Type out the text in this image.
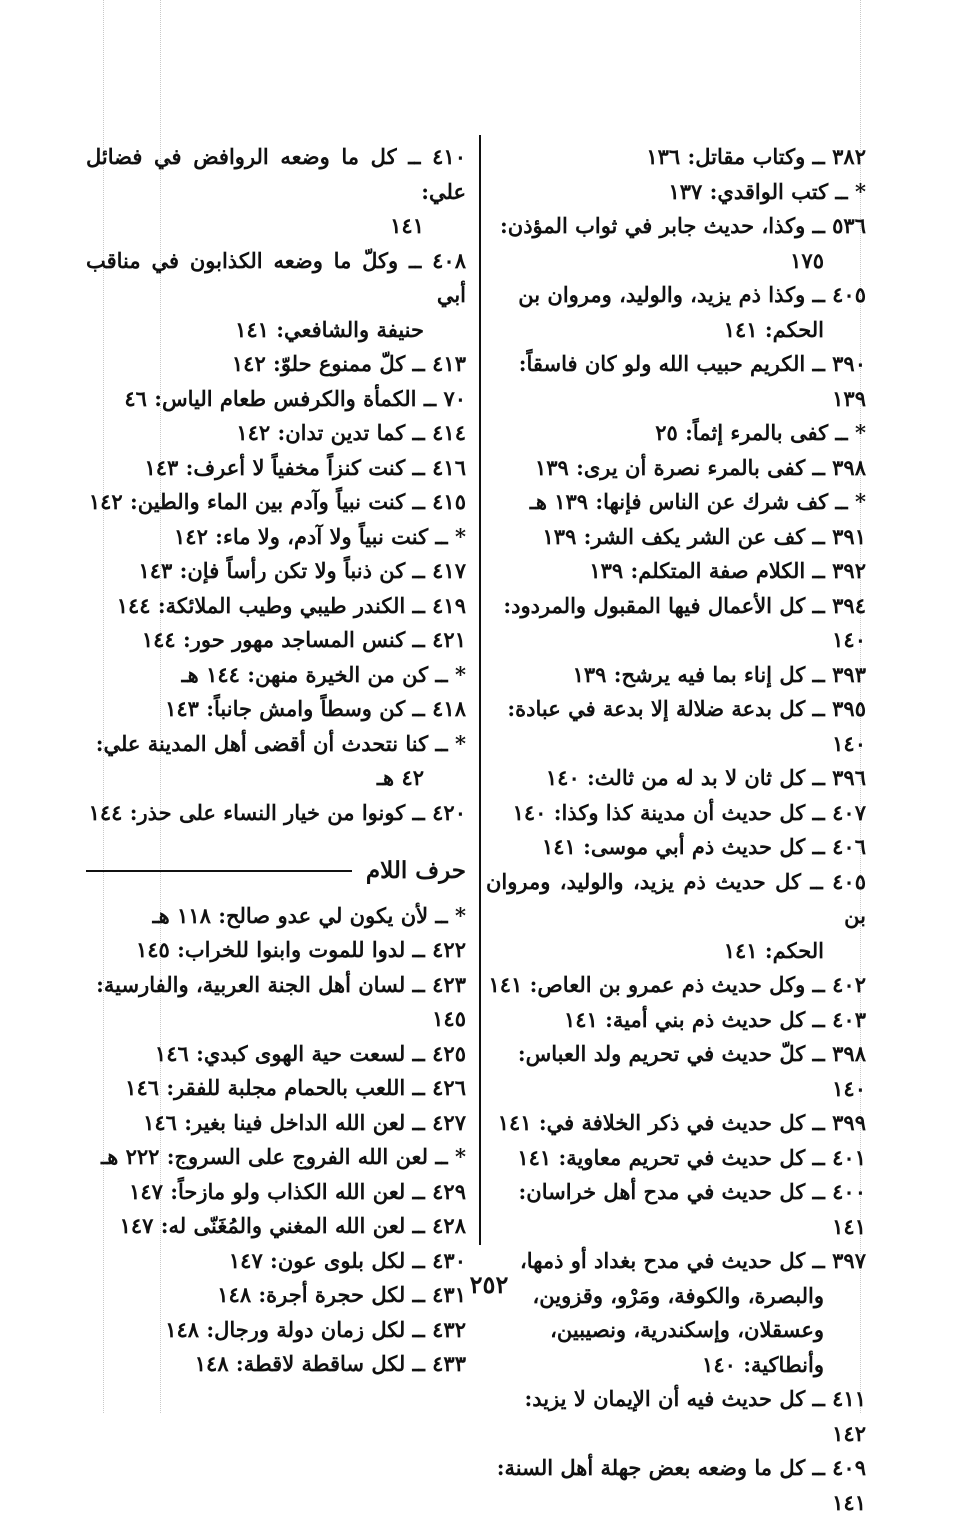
٣٨٢ ــ وكتاب مقاتل: ١٣٦
* ــ كتب الواقدي: ١٣٧
٥٣٦ ــ وكذا، حديث جابر في ثواب المؤذن:
١٧٥
٤٠٥ ــ وكذا ذم يزيد، والوليد، ومروان بن
الحكم: ١٤١
٣٩٠ ــ الكريم حبيب الله ولو كان فاسقاً: ١٣٩
* ــ كفى بالمرء إثماً: ٢٥
٣٩٨ ــ كفى بالمرء نصرة أن يرى: ١٣٩
* ــ كف شرك عن الناس فإنها: ١٣٩ هـ
٣٩١ ــ كف عن الشر يكف الشر: ١٣٩
٣٩٢ ــ الكلام صفة المتكلم: ١٣٩
٣٩٤ ــ كل الأعمال فيها المقبول والمردود: ١٤٠
٣٩٣ ــ كل إناء بما فيه يرشح: ١٣٩
٣٩٥ ــ كل بدعة ضلالة إلا بدعة في عبادة: ١٤٠
٣٩٦ ــ كل ثان لا بد له من ثالث: ١٤٠
٤٠٧ ــ كل حديث أن مدينة كذا وكذا: ١٤٠
٤٠٦ ــ كل حديث ذم أبي موسى: ١٤١
٤٠٥ ــ كل حديث ذم يزيد، والوليد، ومروان بن
الحكم: ١٤١
٤٠٢ ــ وكل حديث ذم عمرو بن العاص: ١٤١
٤٠٣ ــ كل حديث ذم بني أمية: ١٤١
٣٩٨ ــ كلّ حديث في تحريم ولد العباس: ١٤٠
٣٩٩ ــ كل حديث في ذكر الخلافة في: ١٤١
٤٠١ ــ كل حديث في تحريم معاوية: ١٤١
٤٠٠ ــ كل حديث في مدح أهل خراسان: ١٤١
٣٩٧ ــ كل حديث في مدح بغداد أو ذمها،
والبصرة، والكوفة، ومَرْو، وقزوين، وعسقلان، وإسكندرية، ونصيبين، وأنطاكية: ١٤٠
٤١١ ــ كل حديث فيه أن الإيمان لا يزيد: ١٤٢
٤٠٩ ــ كل ما وضعه بعض جهلة أهل السنة: ١٤١
٤١٠ ــ كل ما وضعه الروافض في فضائل علي:
١٤١
٤٠٨ ــ وكلّ ما وضعه الكذابون في مناقب أبي
حنيفة والشافعي: ١٤١
٤١٣ ــ كلّ ممنوع حلوّ: ١٤٢
٧٠ ــ الكمأة والكرفس طعام الياس: ٤٦
٤١٤ ــ كما تدين تدان: ١٤٢
٤١٦ ــ كنت كنزاً مخفياً لا أعرف: ١٤٣
٤١٥ ــ كنت نبياً وآدم بين الماء والطين: ١٤٢
* ــ كنت نبياً ولا آدم، ولا ماء: ١٤٢
٤١٧ ــ كن ذنباً ولا تكن رأساً فإن: ١٤٣
٤١٩ ــ الكندر طيبي وطيب الملائكة: ١٤٤
٤٢١ ــ كنس المساجد مهور حور: ١٤٤
* ــ كن من الخيرة منهن: ١٤٤ هـ
٤١٨ ــ كن وسطاً وامش جانباً: ١٤٣
* ــ كنا نتحدث أن أقضى أهل المدينة علي:
٤٢ هـ
٤٢٠ ــ كونوا من خيار النساء على حذر: ١٤٤
حرف اللام
* ــ لأن يكون لي عدو صالح: ١١٨ هـ
٤٢٢ ــ لدوا للموت وابنوا للخراب: ١٤٥
٤٢٣ ــ لسان أهل الجنة العربية، والفارسية: ١٤٥
٤٢٥ ــ لسعت حية الهوى كبدي: ١٤٦
٤٢٦ ــ اللعب بالحمام مجلبة للفقر: ١٤٦
٤٢٧ ــ لعن الله الداخل فينا بغير: ١٤٦
* ــ لعن الله الفروج على السروج: ٢٢٢ هـ
٤٢٩ ــ لعن الله الكذاب ولو مازحاً: ١٤٧
٤٢٨ ــ لعن الله المغني والمُغَنّى له: ١٤٧
٤٣٠ ــ لكل بلوى عون: ١٤٧
٤٣١ ــ لكل حجرة أجرة: ١٤٨
٤٣٢ ــ لكل زمان دولة ورجال: ١٤٨
٤٣٣ ــ لكل ساقطة لاقطة: ١٤٨
٢٥٢
